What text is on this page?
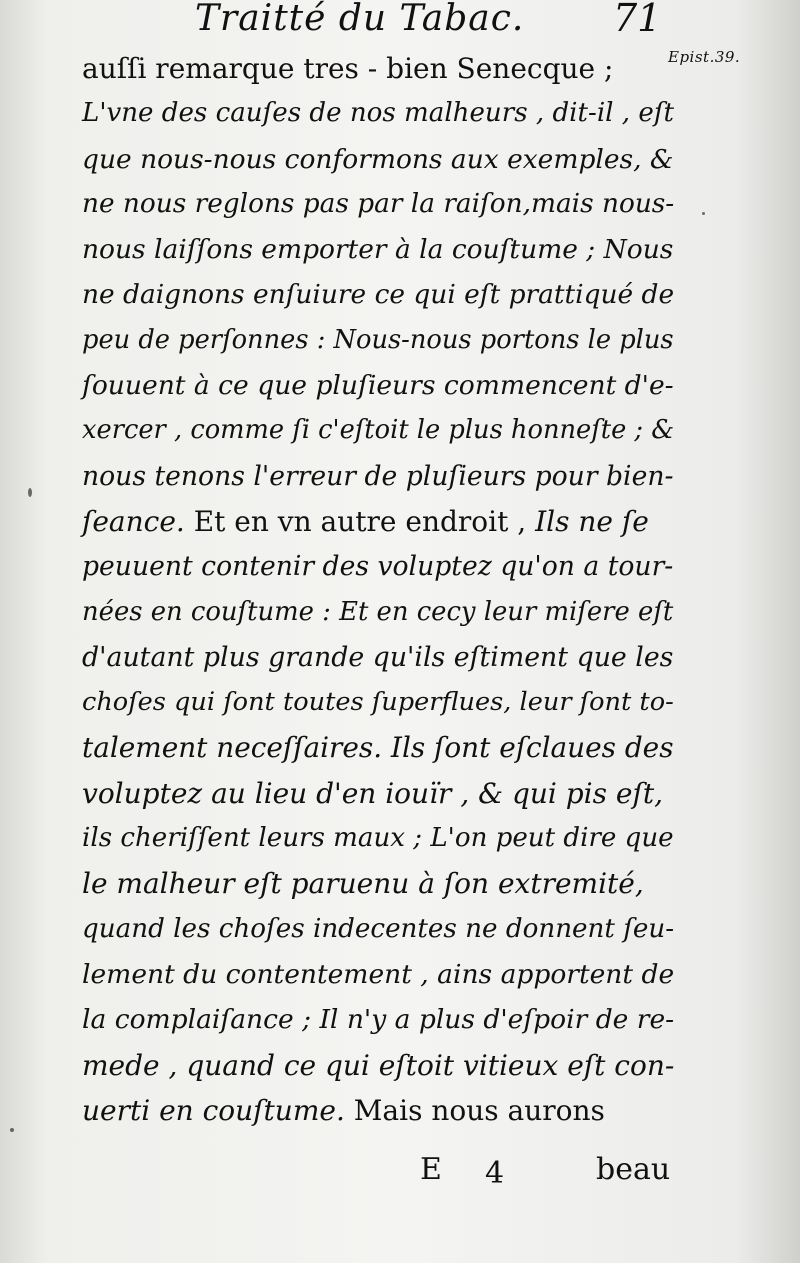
Traitté du Tabac. 71
Epist.39.
auſſi remarque tres - bien Senecque ;
L'vne des cauſes de nos malheurs , dit-il , eſt
que nous-nous conformons aux exemples, &
ne nous reglons pas par la raiſon,mais nous-
nous laiſſons emporter à la couſtume ; Nous
ne daignons enſuiure ce qui eſt prattiqué de
peu de perſonnes : Nous-nous portons le plus
ſouuent à ce que pluſieurs commencent d'e-
xercer , comme ſi c'eſtoit le plus honneſte ; &
nous tenons l'erreur de pluſieurs pour bien-
ſeance. Et en vn autre endroit , Ils ne ſe
peuuent contenir des voluptez qu'on a tour-
nées en couſtume : Et en cecy leur miſere eſt
d'autant plus grande qu'ils eſtiment que les
choſes qui ſont toutes ſuperflues, leur ſont to-
talement neceſſaires. Ils ſont eſclaues des
voluptez au lieu d'en iouïr , & qui pis eſt,
ils cheriſſent leurs maux ; L'on peut dire que
le malheur eſt paruenu à ſon extremité,
quand les choſes indecentes ne donnent ſeu-
lement du contentement , ains apportent de
la complaiſance ; Il n'y a plus d'eſpoir de re-
mede , quand ce qui eſtoit vitieux eſt con-
uerti en couſtume. Mais nous aurons
E 4	beau
